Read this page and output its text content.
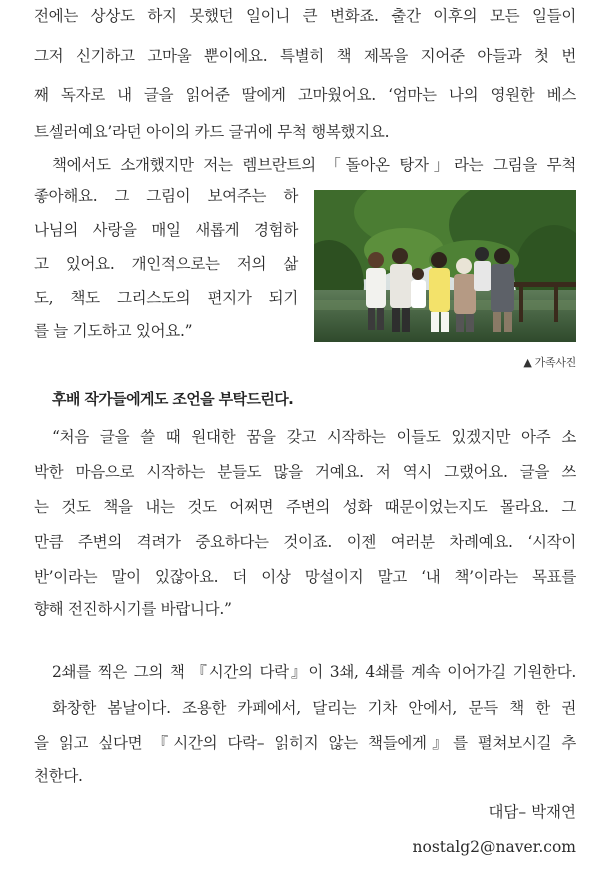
전에는 상상도 하지 못했던 일이니 큰 변화죠. 출간 이후의 모든 일들이
그저 신기하고 고마울 뿐이에요. 특별히 책 제목을 지어준 아들과 첫 번
째 독자로 내 글을 읽어준 딸에게 고마웠어요. ‘엄마는 나의 영원한 베스
트셀러예요’라던 아이의 카드 글귀에 무척 행복했지요.
책에서도 소개했지만 저는 렘브란트의 「돌아온 탕자」라는 그림을 무척
좋아해요. 그 그림이 보여주는 하
나님의 사랑을 매일 새롭게 경험하
고 있어요. 개인적으로는 저의 삶
도, 책도 그리스도의 편지가 되기
를 늘 기도하고 있어요.”
▲ 가족사진
후배 작가들에게도 조언을 부탁드린다.
“처음 글을 쓸 때 원대한 꿈을 갖고 시작하는 이들도 있겠지만 아주 소
박한 마음으로 시작하는 분들도 많을 거예요. 저 역시 그랬어요. 글을 쓰
는 것도 책을 내는 것도 어쩌면 주변의 성화 때문이었는지도 몰라요. 그
만큼 주변의 격려가 중요하다는 것이죠. 이젠 여러분 차례예요. ‘시작이
반’이라는 말이 있잖아요. 더 이상 망설이지 말고 ‘내 책’이라는 목표를
향해 전진하시기를 바랍니다.”
2쇄를 찍은 그의 책 『시간의 다락』이 3쇄, 4쇄를 계속 이어가길 기원한다.
화창한 봄날이다. 조용한 카페에서, 달리는 기차 안에서, 문득 책 한 권
을 읽고 싶다면 『시간의 다락– 읽히지 않는 책들에게』를 펼쳐보시길 추
천한다.
대담– 박재연
nostalg2@naver.com
